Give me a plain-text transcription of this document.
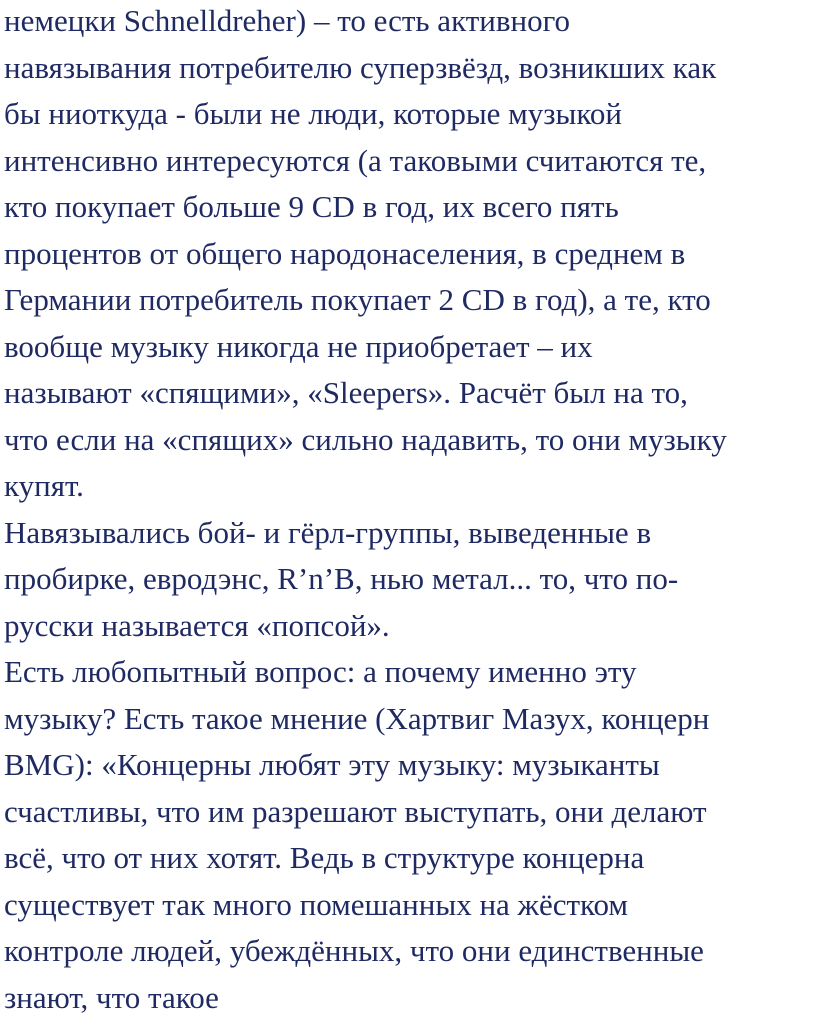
немецки Schnelldreher) – то есть активного
навязывания потребителю суперзвёзд, возникших как
бы ниоткуда - были не люди, которые музыкой
интенсивно интересуются (а таковыми считаются те,
кто покупает больше 9 CD в год, их всего пять
процентов от общего народонаселения, в среднем в
Германии потребитель покупает 2 CD в год), а те, кто
вообще музыку никогда не приобретает – их
называют «спящими», «Sleepers». Расчёт был на то,
что если на «спящих» сильно надавить, то они музыку
купят.
Навязывались бой- и гёрл-группы, выведенные в
пробирке, евродэнс, R’n’B, нью метал... то, что по-
русски называется «попсой».
Есть любопытный вопрос: а почему именно эту
музыку? Есть такое мнение (Хартвиг Мазух, концерн
BMG): «Концерны любят эту музыку: музыканты
счастливы, что им разрешают выступать, они делают
всё, что от них хотят. Ведь в структуре концерна
существует так много помешанных на жёстком
контроле людей, убеждённых, что они единственные
знают, что такое
